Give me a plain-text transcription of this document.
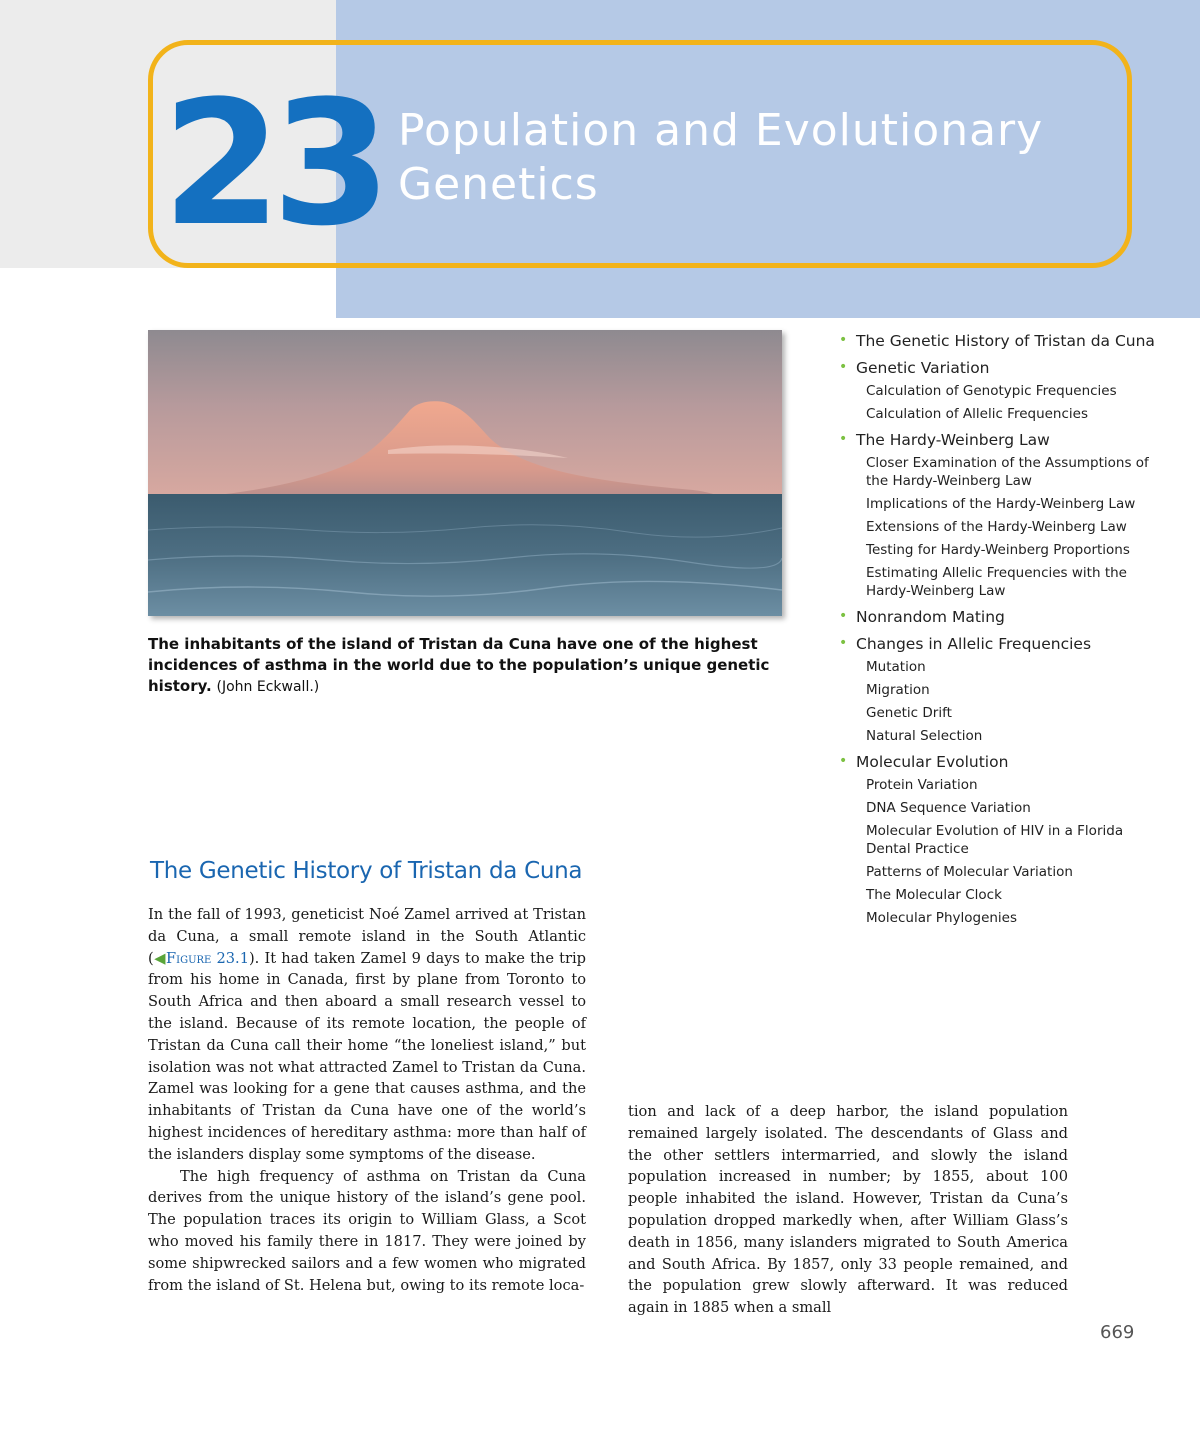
23 Population and Evolutionary Genetics
The inhabitants of the island of Tristan da Cuna have one of the highest incidences of asthma in the world due to the population’s unique genetic history. (John Eckwall.)
• The Genetic History of Tristan da Cuna
• Genetic Variation
Calculation of Genotypic Frequencies
Calculation of Allelic Frequencies
• The Hardy-Weinberg Law
Closer Examination of the Assumptions of the Hardy-Weinberg Law
Implications of the Hardy-Weinberg Law
Extensions of the Hardy-Weinberg Law
Testing for Hardy-Weinberg Proportions
Estimating Allelic Frequencies with the Hardy-Weinberg Law
• Nonrandom Mating
• Changes in Allelic Frequencies
Mutation
Migration
Genetic Drift
Natural Selection
• Molecular Evolution
Protein Variation
DNA Sequence Variation
Molecular Evolution of HIV in a Florida Dental Practice
Patterns of Molecular Variation
The Molecular Clock
Molecular Phylogenies
The Genetic History of Tristan da Cuna

In the fall of 1993, geneticist Noé Zamel arrived at Tristan da Cuna, a small remote island in the South Atlantic (◀Figure 23.1). It had taken Zamel 9 days to make the trip from his home in Canada, first by plane from Toronto to South Africa and then aboard a small research vessel to the island. Because of its remote location, the people of Tristan da Cuna call their home “the loneliest island,” but isolation was not what attracted Zamel to Tristan da Cuna. Zamel was looking for a gene that causes asthma, and the inhabitants of Tristan da Cuna have one of the world’s highest incidences of hereditary asthma: more than half of the islanders display some symptoms of the disease.

The high frequency of asthma on Tristan da Cuna derives from the unique history of the island’s gene pool. The population traces its origin to William Glass, a Scot who moved his family there in 1817. They were joined by some shipwrecked sailors and a few women who migrated from the island of St. Helena but, owing to its remote loca-

tion and lack of a deep harbor, the island population remained largely isolated. The descendants of Glass and the other settlers intermarried, and slowly the island population increased in number; by 1855, about 100 people inhabited the island. However, Tristan da Cuna’s population dropped markedly when, after William Glass’s death in 1856, many islanders migrated to South America and South Africa. By 1857, only 33 people remained, and the population grew slowly afterward. It was reduced again in 1885 when a small

669
